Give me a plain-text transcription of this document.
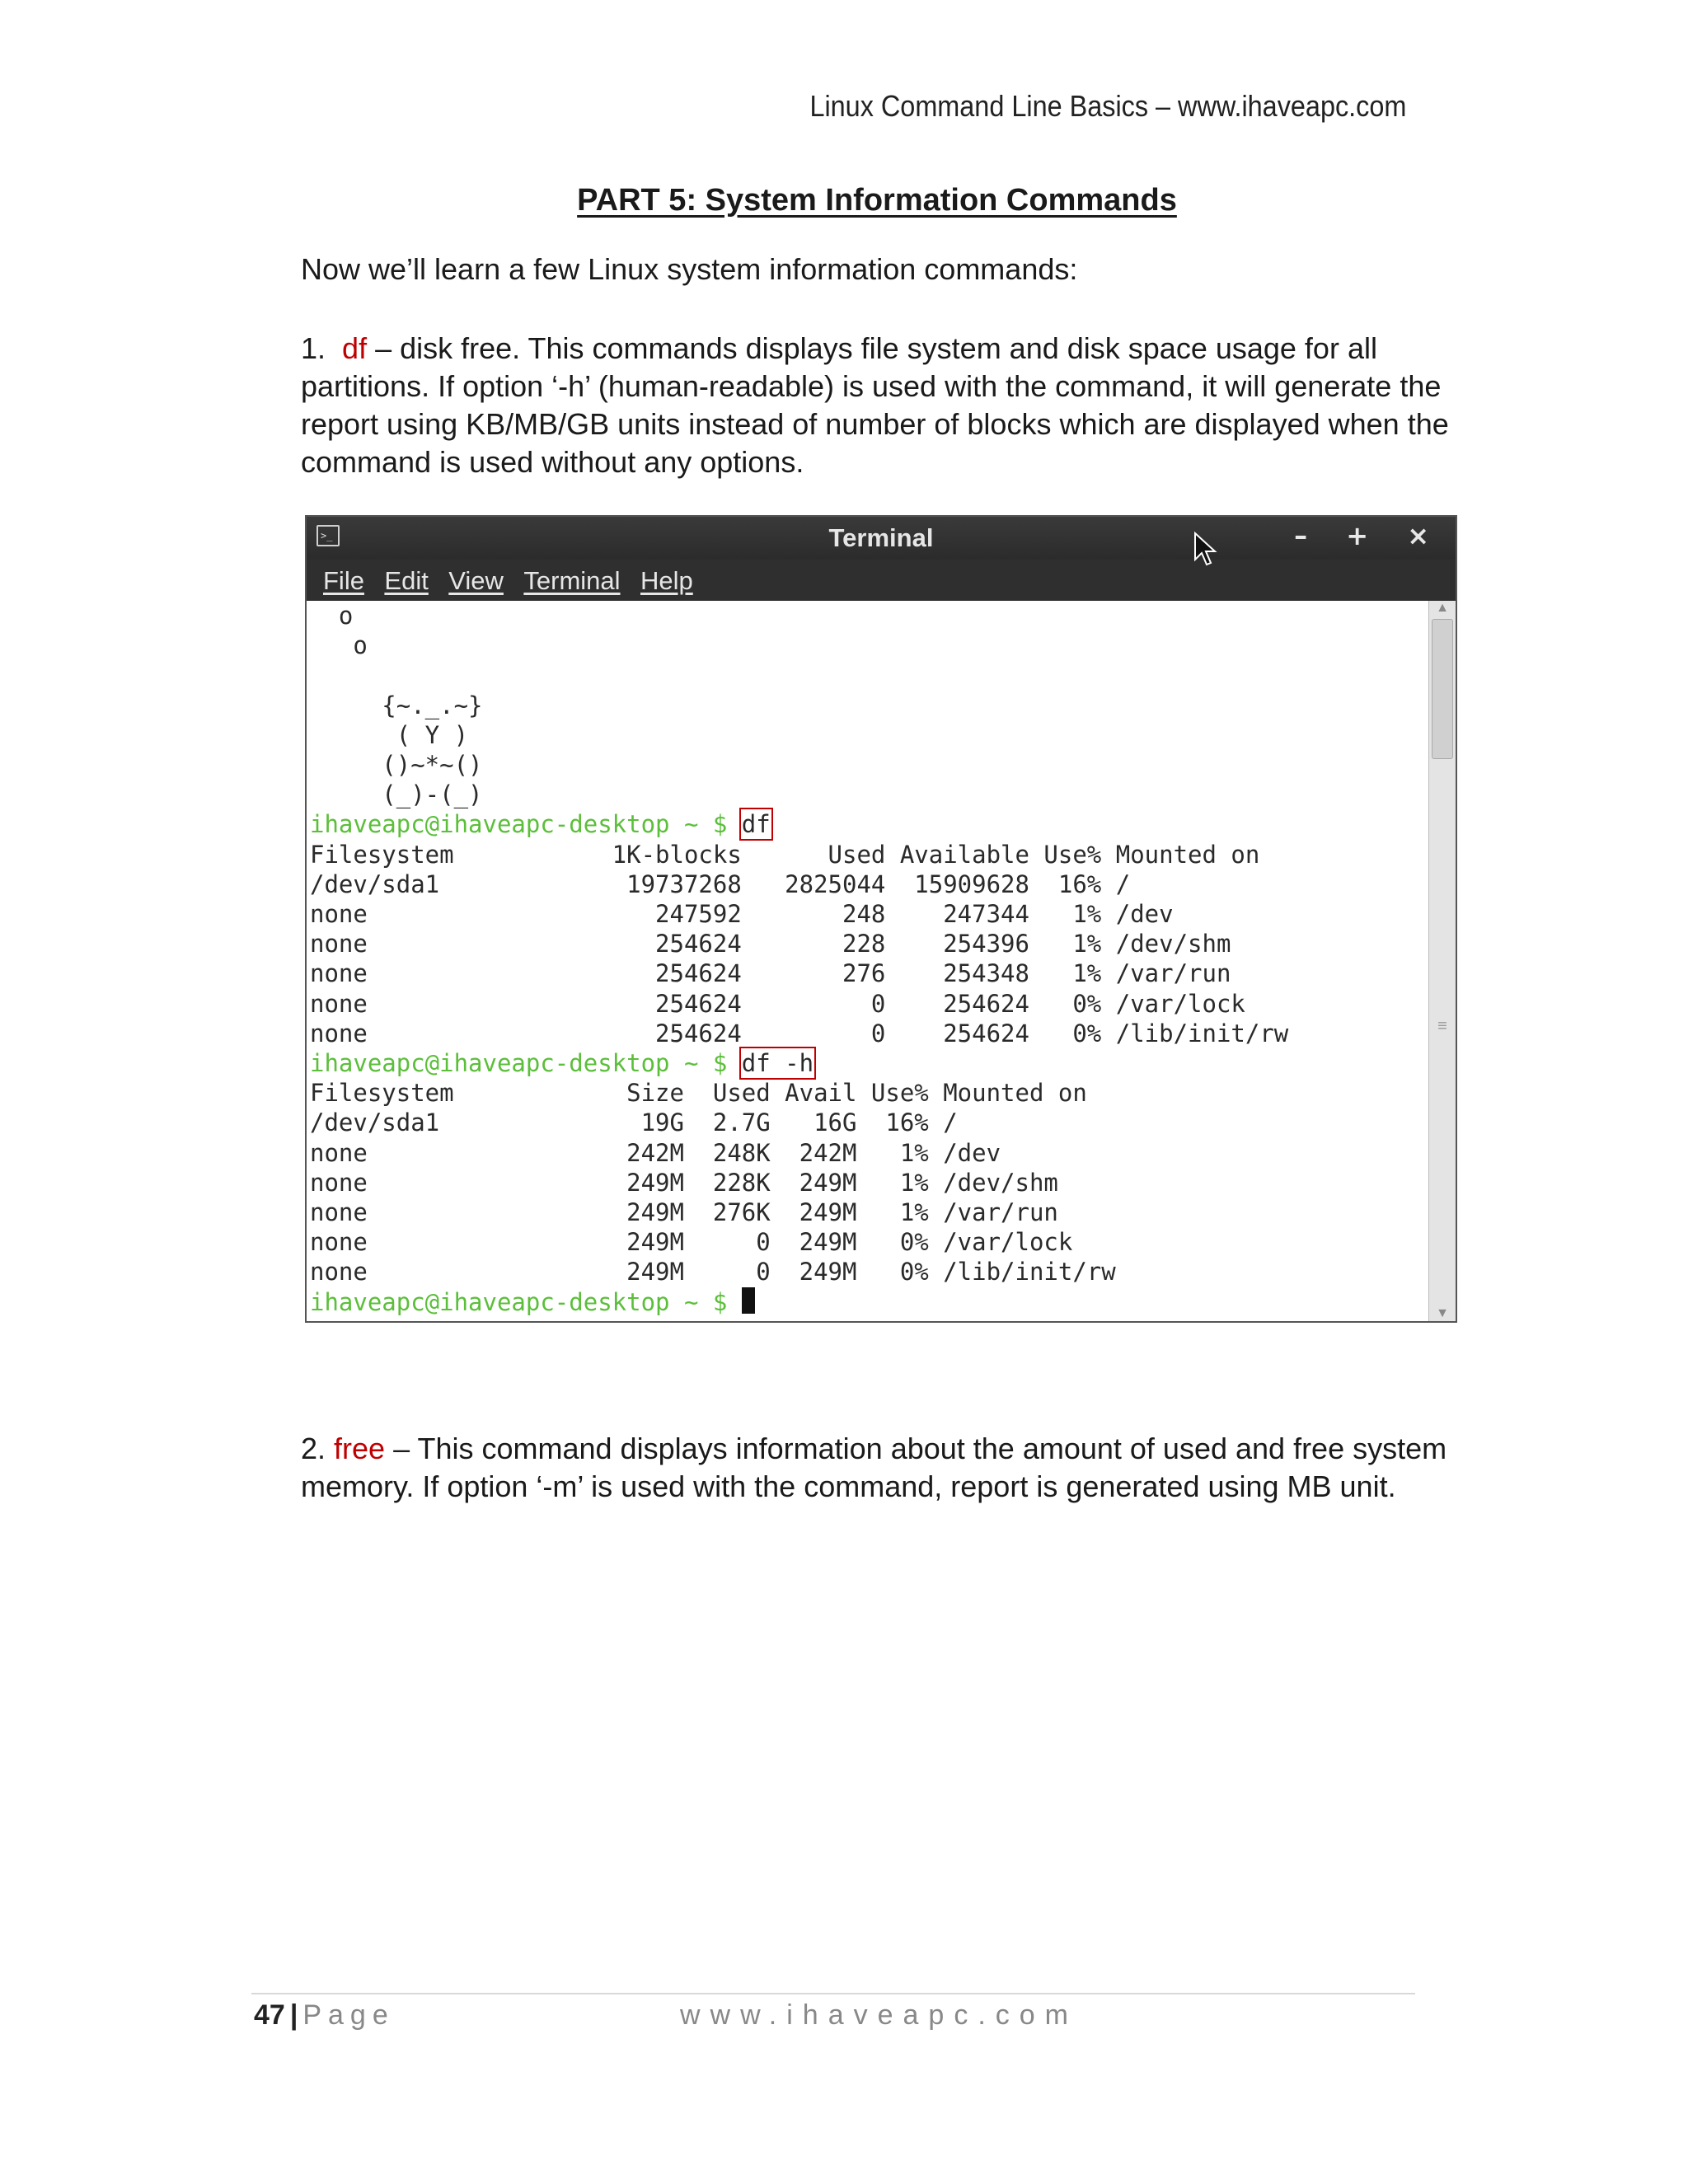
Linux Command Line Basics – www.ihaveapc.com
PART 5: System Information Commands
Now we’ll learn a few Linux system information commands:
1. df – disk free. This commands displays file system and disk space usage for all partitions. If option ‘-h’ (human-readable) is used with the command, it will generate the report using KB/MB/GB units instead of number of blocks which are displayed when the command is used without any options.
>_	Terminal	– + ×
File Edit View Terminal Help
o
o

{~._.~}
( Y )
()~*~()
(_)-(_)
ihaveapc@ihaveapc-desktop ~ $ df
Filesystem           1K-blocks      Used Available Use% Mounted on
/dev/sda1             19737268   2825044  15909628  16% /
none                    247592       248    247344   1% /dev
none                    254624       228    254396   1% /dev/shm
none                    254624       276    254348   1% /var/run
none                    254624         0    254624   0% /var/lock
none                    254624         0    254624   0% /lib/init/rw
ihaveapc@ihaveapc-desktop ~ $ df -h
Filesystem            Size  Used Avail Use% Mounted on
/dev/sda1              19G  2.7G   16G  16% /
none                  242M  248K  242M   1% /dev
none                  249M  228K  249M   1% /dev/shm
none                  249M  276K  249M   1% /var/run
none                  249M     0  249M   0% /var/lock
none                  249M     0  249M   0% /lib/init/rw
ihaveapc@ihaveapc-desktop ~ $
▲
≡
▼
2. free – This command displays information about the amount of used and free system memory. If option ‘-m’ is used with the command, report is generated using MB unit.
47 | Page	www.ihaveapc.com
